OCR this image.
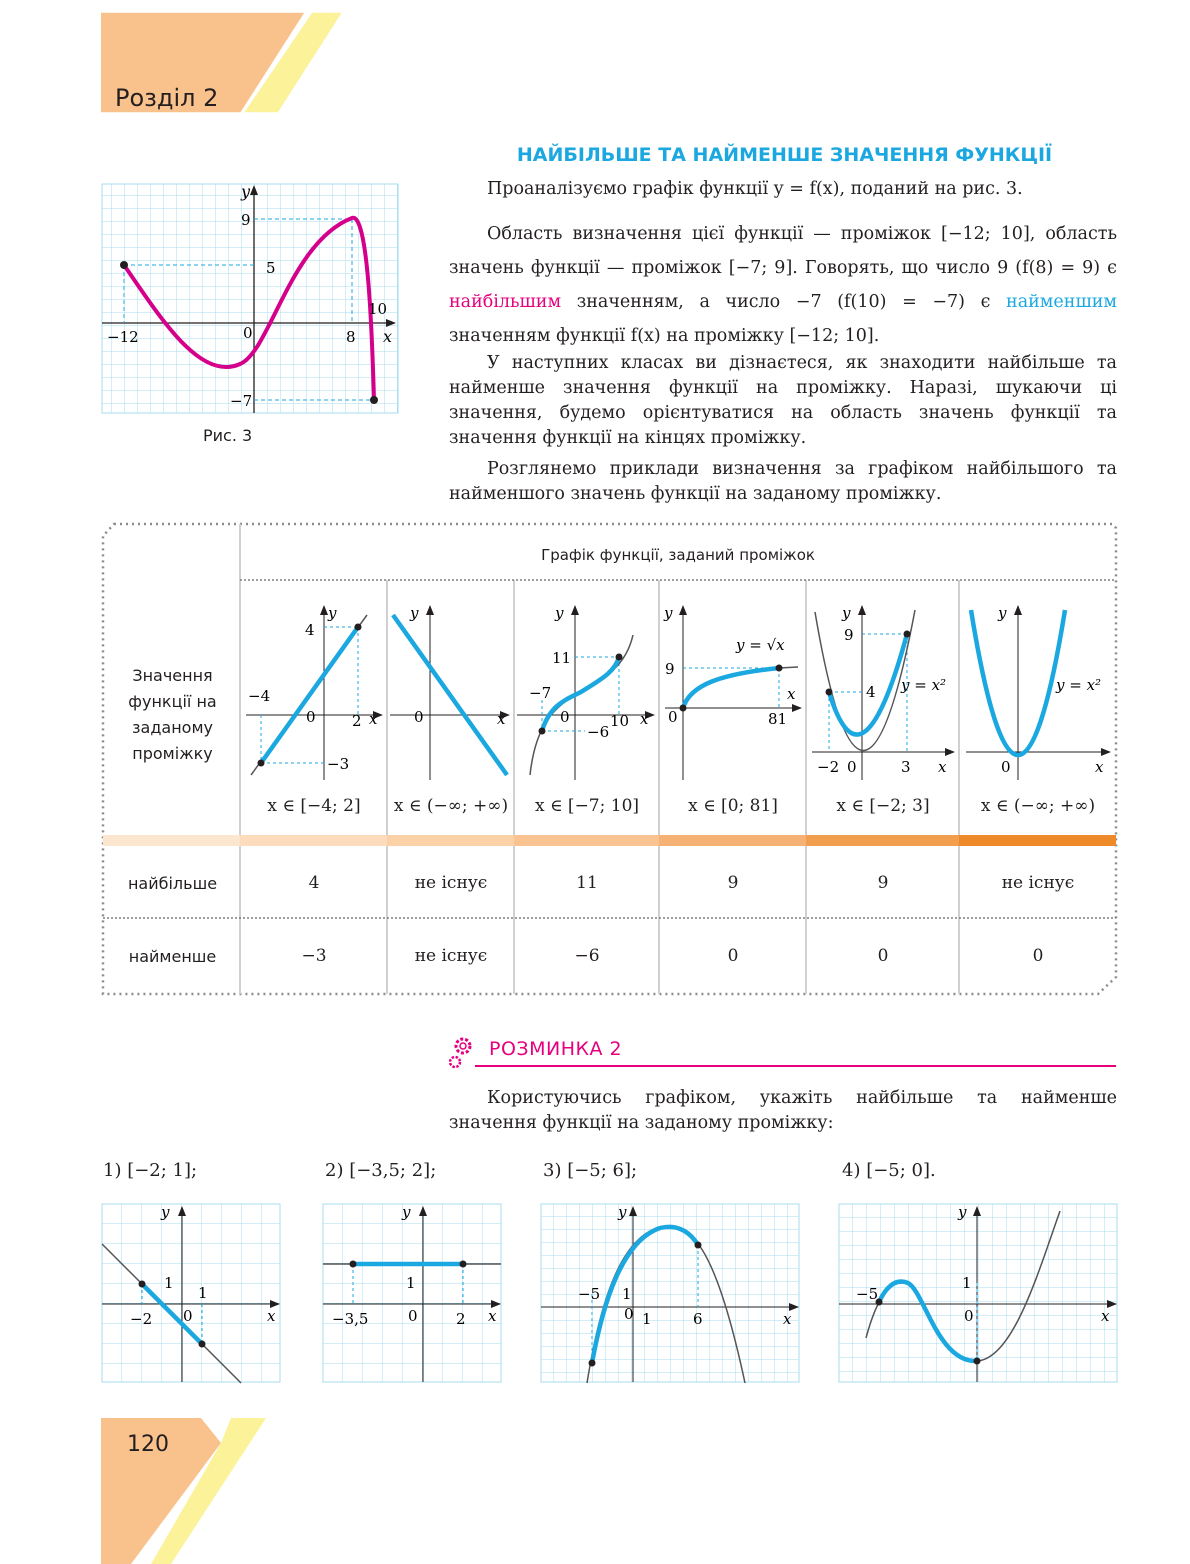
Розділ 2
НАЙБІЛЬШЕ ТА НАЙМЕНШЕ ЗНАЧЕННЯ ФУНКЦІЇ
Проаналізуємо графік функції y = f(x), поданий на рис. 3.
Область визначення цієї функції — проміжок [−12; 10], область значень функції — проміжок [−7; 9]. Говорять, що число 9 (f(8) = 9) є найбільшим значенням, а число −7 (f(10) = −7) є найменшим значенням функції f(x) на проміжку [−12; 10].
У наступних класах ви дізнаєтеся, як знаходити найбільше та найменше значення функції на проміжку. Наразі, шукаючи ці значення, будемо орієнтуватися на область значень функції та значення функції на кінцях проміжку.
Розглянемо приклади визначення за графіком найбільшого та найменшого значень функції на заданому проміжку.
y
x
−12	0	8
10
9
5
−7
Рис. 3
Графік функції, заданий проміжок
Значення функції на заданому проміжку
найбільше
найменше
y
x
4
−4
0 2
−3
y
x
0
y
x
11
−7
0	10
−6
y
x
9
0	81
y = √x
y
x
9
4
−2 0	3
y = x²
y
x
0
y = x²
x ∈ [−4; 2]	x ∈ (−∞; +∞)	x ∈ [−7; 10]	x ∈ [0; 81]	x ∈ [−2; 3]	x ∈ (−∞; +∞)
4	не існує	11	9	9	не існує
−3	не існує	−6	0	0	0
РОЗМИНКА 2
Користуючись графіком, укажіть найбільше та найменше значення функції на заданому проміжку:
1) [−2; 1];	2) [−3,5; 2];	3) [−5; 6];	4) [−5; 0].
y
x
1
1
−2 0
y
x
1
−3,5	0	2
y
x
1
1
−5
0	6
y
x
1
−5
0
120
